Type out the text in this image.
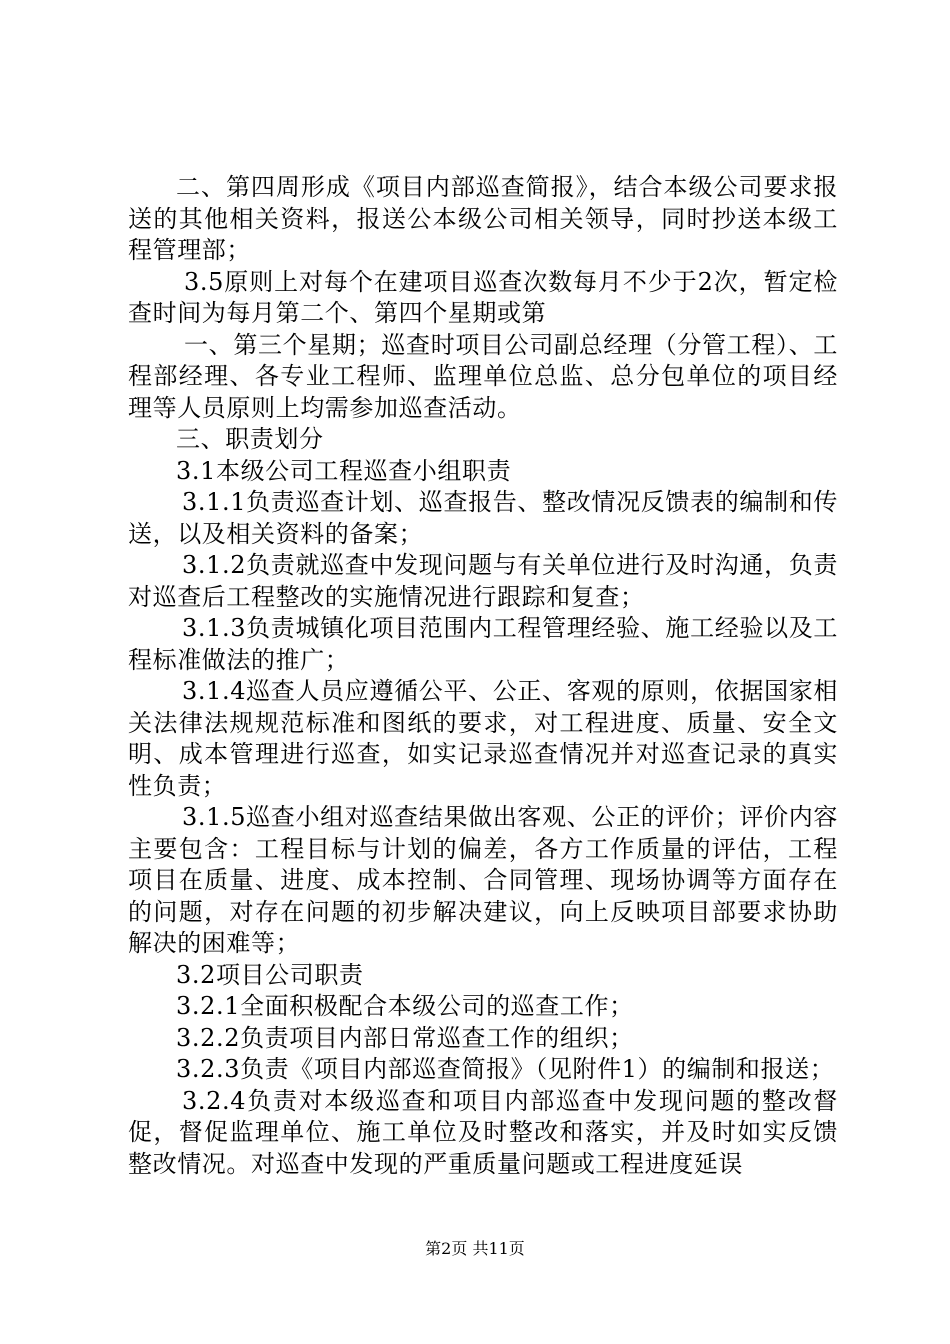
二、第四周形成《项目内部巡查简报》，结合本级公司要求报送的其他相关资料，报送公本级公司相关领导，同时抄送本级工程管理部；

3.5原则上对每个在建项目巡查次数每月不少于2次，暂定检查时间为每月第二个、第四个星期或第

一、第三个星期；巡查时项目公司副总经理（分管工程）、工程部经理、各专业工程师、监理单位总监、总分包单位的项目经理等人员原则上均需参加巡查活动。

三、职责划分

3.1本级公司工程巡查小组职责

3.1.1负责巡查计划、巡查报告、整改情况反馈表的编制和传送，以及相关资料的备案；

3.1.2负责就巡查中发现问题与有关单位进行及时沟通，负责对巡查后工程整改的实施情况进行跟踪和复查；

3.1.3负责城镇化项目范围内工程管理经验、施工经验以及工程标准做法的推广；

3.1.4巡查人员应遵循公平、公正、客观的原则，依据国家相关法律法规规范标准和图纸的要求，对工程进度、质量、安全文明、成本管理进行巡查，如实记录巡查情况并对巡查记录的真实性负责；

3.1.5巡查小组对巡查结果做出客观、公正的评价；评价内容主要包含：工程目标与计划的偏差，各方工作质量的评估，工程项目在质量、进度、成本控制、合同管理、现场协调等方面存在的问题，对存在问题的初步解决建议，向上反映项目部要求协助解决的困难等；

3.2项目公司职责

3.2.1全面积极配合本级公司的巡查工作；

3.2.2负责项目内部日常巡查工作的组织；

3.2.3负责《项目内部巡查简报》（见附件1）的编制和报送；

3.2.4负责对本级巡查和项目内部巡查中发现问题的整改督促，督促监理单位、施工单位及时整改和落实，并及时如实反馈整改情况。对巡查中发现的严重质量问题或工程进度延误

第2页 共11页
